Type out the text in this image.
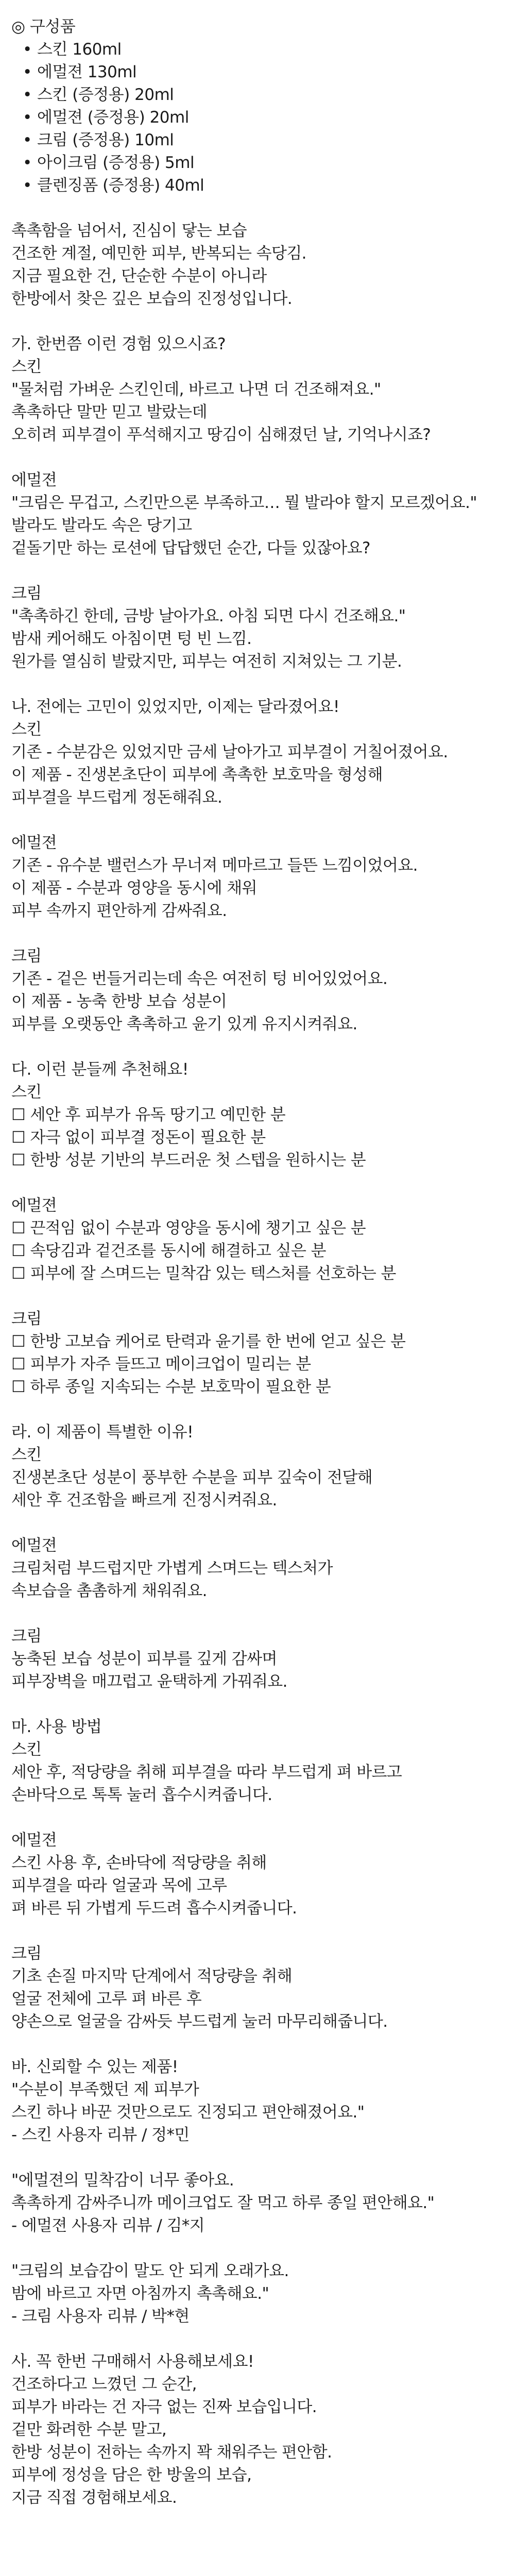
◎ 구성품

• 스킨 160ml
• 에멀젼 130ml
• 스킨 (증정용) 20ml
• 에멀젼 (증정용) 20ml
• 크림 (증정용) 10ml
• 아이크림 (증정용) 5ml
• 클렌징폼 (증정용) 40ml
촉촉함을 넘어서, 진심이 닿는 보습
건조한 계절, 예민한 피부, 반복되는 속당김.
지금 필요한 건, 단순한 수분이 아니라
한방에서 찾은 깊은 보습의 진정성입니다.

가. 한번쯤 이런 경험 있으시죠?

스킨
"물처럼 가벼운 스킨인데, 바르고 나면 더 건조해져요."
촉촉하단 말만 믿고 발랐는데
오히려 피부결이 푸석해지고 땅김이 심해졌던 날, 기억나시죠?
에멀젼
"크림은 무겁고, 스킨만으론 부족하고… 뭘 발라야 할지 모르겠어요."
발라도 발라도 속은 당기고
겉돌기만 하는 로션에 답답했던 순간, 다들 있잖아요?
크림
"촉촉하긴 한데, 금방 날아가요. 아침 되면 다시 건조해요."
밤새 케어해도 아침이면 텅 빈 느낌.
원가를 열심히 발랐지만, 피부는 여전히 지쳐있는 그 기분.

나. 전에는 고민이 있었지만, 이제는 달라졌어요!

스킨
기존 - 수분감은 있었지만 금세 날아가고 피부결이 거칠어졌어요.
이 제품 - 진생본초단이 피부에 촉촉한 보호막을 형성해
피부결을 부드럽게 정돈해줘요.
에멀젼
기존 - 유수분 밸런스가 무너져 메마르고 들뜬 느낌이었어요.
이 제품 - 수분과 영양을 동시에 채워
피부 속까지 편안하게 감싸줘요.
크림
기존 - 겉은 번들거리는데 속은 여전히 텅 비어있었어요.
이 제품 - 농축 한방 보습 성분이
피부를 오랫동안 촉촉하고 윤기 있게 유지시켜줘요.

다. 이런 분들께 추천해요!

스킨
☐ 세안 후 피부가 유독 땅기고 예민한 분
☐ 자극 없이 피부결 정돈이 필요한 분
☐ 한방 성분 기반의 부드러운 첫 스텝을 원하시는 분
에멀젼
☐ 끈적임 없이 수분과 영양을 동시에 챙기고 싶은 분
☐ 속당김과 겉건조를 동시에 해결하고 싶은 분
☐ 피부에 잘 스며드는 밀착감 있는 텍스처를 선호하는 분
크림
☐ 한방 고보습 케어로 탄력과 윤기를 한 번에 얻고 싶은 분
☐ 피부가 자주 들뜨고 메이크업이 밀리는 분
☐ 하루 종일 지속되는 수분 보호막이 필요한 분

라. 이 제품이 특별한 이유!

스킨
진생본초단 성분이 풍부한 수분을 피부 깊숙이 전달해
세안 후 건조함을 빠르게 진정시켜줘요.
에멀젼
크림처럼 부드럽지만 가볍게 스며드는 텍스처가
속보습을 촘촘하게 채워줘요.
크림
농축된 보습 성분이 피부를 깊게 감싸며
피부장벽을 매끄럽고 윤택하게 가꿔줘요.

마. 사용 방법

스킨
세안 후, 적당량을 취해 피부결을 따라 부드럽게 펴 바르고
손바닥으로 톡톡 눌러 흡수시켜줍니다.
에멀젼
스킨 사용 후, 손바닥에 적당량을 취해
피부결을 따라 얼굴과 목에 고루
펴 바른 뒤 가볍게 두드려 흡수시켜줍니다.
크림
기초 손질 마지막 단계에서 적당량을 취해
얼굴 전체에 고루 펴 바른 후
양손으로 얼굴을 감싸듯 부드럽게 눌러 마무리해줍니다.

바. 신뢰할 수 있는 제품!

"수분이 부족했던 제 피부가
스킨 하나 바꾼 것만으로도 진정되고 편안해졌어요."
- 스킨 사용자 리뷰 / 정*민
"에멀젼의 밀착감이 너무 좋아요.
촉촉하게 감싸주니까 메이크업도 잘 먹고 하루 종일 편안해요."
- 에멀젼 사용자 리뷰 / 김*지
"크림의 보습감이 말도 안 되게 오래가요.
밤에 바르고 자면 아침까지 촉촉해요."
- 크림 사용자 리뷰 / 박*현

사. 꼭 한번 구매해서 사용해보세요!

건조하다고 느꼈던 그 순간,
피부가 바라는 건 자극 없는 진짜 보습입니다.
겉만 화려한 수분 말고,
한방 성분이 전하는 속까지 꽉 채워주는 편안함.
피부에 정성을 담은 한 방울의 보습,
지금 직접 경험해보세요.
